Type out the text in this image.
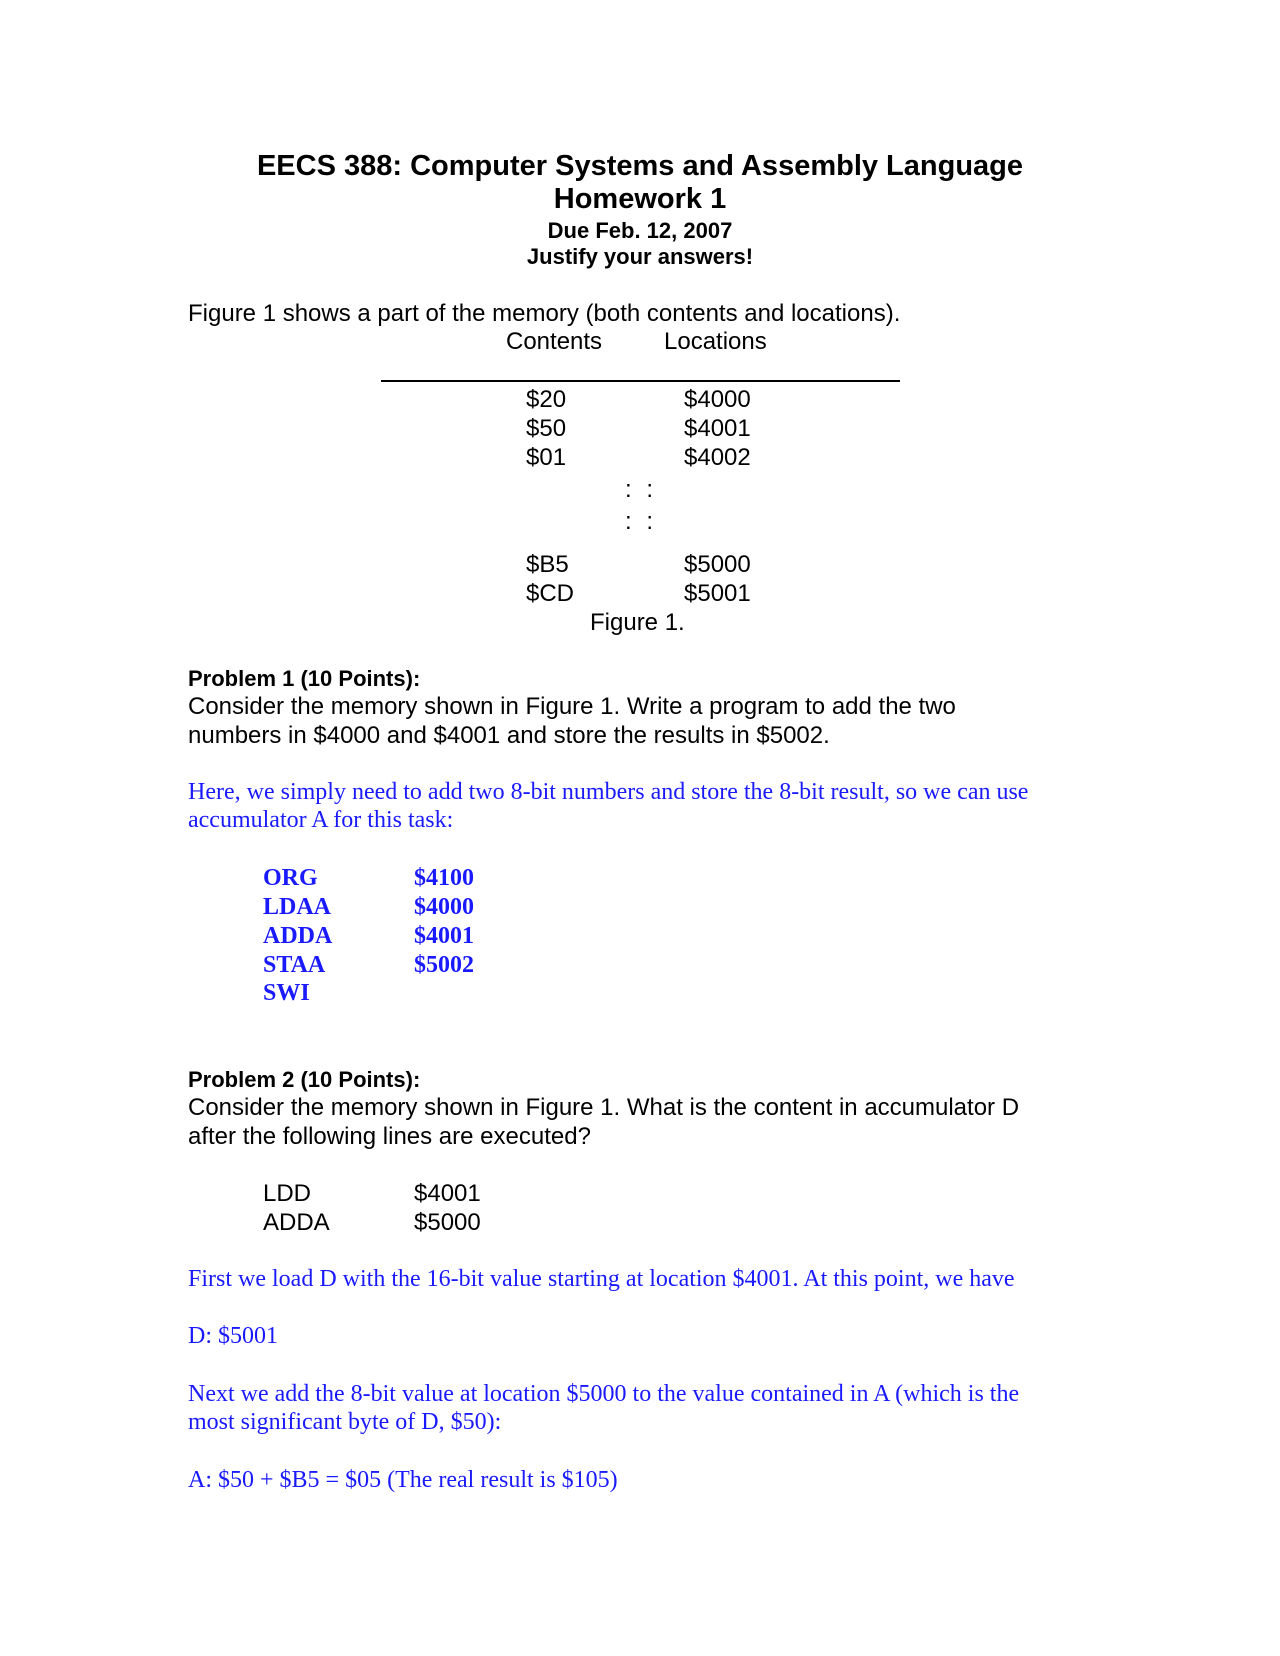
EECS 388: Computer Systems and Assembly Language
Homework 1
Due Feb. 12, 2007
Justify your answers!
Figure 1 shows a part of the memory (both contents and locations).
Contents	Locations
$20	$4000
$50	$4001
$01	$4002
: :
: :
$B5	$5000
$CD	$5001
Figure 1.
Problem 1 (10 Points):
Consider the memory shown in Figure 1. Write a program to add the two
numbers in $4000 and $4001 and store the results in $5002.
Here, we simply need to add two 8-bit numbers and store the 8-bit result, so we can use
accumulator A for this task:
ORG	$4100
LDAA	$4000
ADDA	$4001
STAA	$5002
SWI
Problem 2 (10 Points):
Consider the memory shown in Figure 1. What is the content in accumulator D
after the following lines are executed?
LDD	$4001
ADDA	$5000
First we load D with the 16-bit value starting at location $4001. At this point, we have
D: $5001
Next we add the 8-bit value at location $5000 to the value contained in A (which is the
most significant byte of D, $50):
A: $50 + $B5 = $05 (The real result is $105)
